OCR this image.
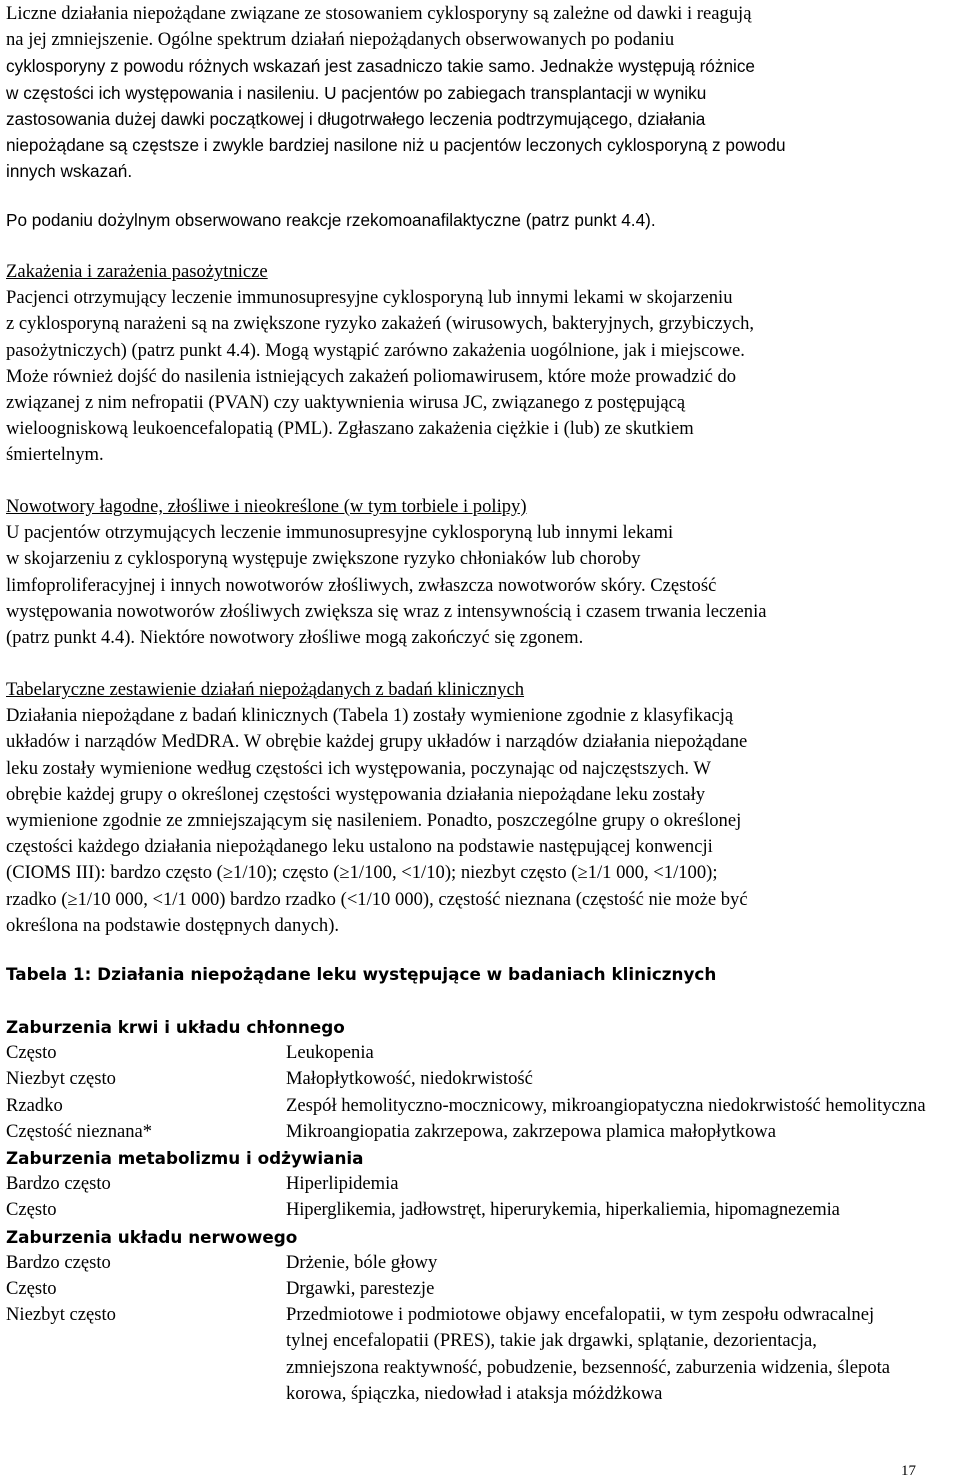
Liczne działania niepożądane związane ze stosowaniem cyklosporyny są zależne od dawki i reagują
na jej zmniejszenie. Ogólne spektrum działań niepożądanych obserwowanych po podaniu
cyklosporyny z powodu różnych wskazań jest zasadniczo takie samo. Jednakże występują różnice
w częstości ich występowania i nasileniu. U pacjentów po zabiegach transplantacji w wyniku
zastosowania dużej dawki początkowej i długotrwałego leczenia podtrzymującego, działania
niepożądane są częstsze i zwykle bardziej nasilone niż u pacjentów leczonych cyklosporyną z powodu
innych wskazań.
Po podaniu dożylnym obserwowano reakcje rzekomoanafilaktyczne (patrz punkt 4.4).
Zakażenia i zarażenia pasożytnicze
Pacjenci otrzymujący leczenie immunosupresyjne cyklosporyną lub innymi lekami w skojarzeniu
z cyklosporyną narażeni są na zwiększone ryzyko zakażeń (wirusowych, bakteryjnych, grzybiczych,
pasożytniczych) (patrz punkt 4.4). Mogą wystąpić zarówno zakażenia uogólnione, jak i miejscowe.
Może również dojść do nasilenia istniejących zakażeń poliomawirusem, które może prowadzić do
związanej z nim nefropatii (PVAN) czy uaktywnienia wirusa JC, związanego z postępującą
wieloogniskową leukoencefalopatią (PML). Zgłaszano zakażenia ciężkie i (lub) ze skutkiem
śmiertelnym.
Nowotwory łagodne, złośliwe i nieokreślone (w tym torbiele i polipy)
U pacjentów otrzymujących leczenie immunosupresyjne cyklosporyną lub innymi lekami
w skojarzeniu z cyklosporyną występuje zwiększone ryzyko chłoniaków lub choroby
limfoproliferacyjnej i innych nowotworów złośliwych, zwłaszcza nowotworów skóry. Częstość
występowania nowotworów złośliwych zwiększa się wraz z intensywnością i czasem trwania leczenia
(patrz punkt 4.4). Niektóre nowotwory złośliwe mogą zakończyć się zgonem.
Tabelaryczne zestawienie działań niepożądanych z badań klinicznych
Działania niepożądane z badań klinicznych (Tabela 1) zostały wymienione zgodnie z klasyfikacją
układów i narządów MedDRA. W obrębie każdej grupy układów i narządów działania niepożądane
leku zostały wymienione według częstości ich występowania, poczynając od najczęstszych. W
obrębie każdej grupy o określonej częstości występowania działania niepożądane leku zostały
wymienione zgodnie ze zmniejszającym się nasileniem. Ponadto, poszczególne grupy o określonej
częstości każdego działania niepożądanego leku ustalono na podstawie następującej konwencji
(CIOMS III): bardzo często (≥1/10); często (≥1/100, <1/10); niezbyt często (≥1/1 000, <1/100);
rzadko (≥1/10 000, <1/1 000) bardzo rzadko (<1/10 000), częstość nieznana (częstość nie może być
określona na podstawie dostępnych danych).
Tabela 1: Działania niepożądane leku występujące w badaniach klinicznych
Zaburzenia krwi i układu chłonnego
Często	Leukopenia
Niezbyt często	Małopłytkowość, niedokrwistość
Rzadko	Zespół hemolityczno-mocznicowy, mikroangiopatyczna niedokrwistość hemolityczna
Częstość nieznana*	Mikroangiopatia zakrzepowa, zakrzepowa plamica małopłytkowa
Zaburzenia metabolizmu i odżywiania
Bardzo często	Hiperlipidemia
Często	Hiperglikemia, jadłowstręt, hiperurykemia, hiperkaliemia, hipomagnezemia
Zaburzenia układu nerwowego
Bardzo często	Drżenie, bóle głowy
Często	Drgawki, parestezje
Niezbyt często	Przedmiotowe i podmiotowe objawy encefalopatii, w tym zespołu odwracalnej tylnej encefalopatii (PRES), takie jak drgawki, splątanie, dezorientacja, zmniejszona reaktywność, pobudzenie, bezsenność, zaburzenia widzenia, ślepota korowa, śpiączka, niedowład i ataksja móżdżkowa
17
